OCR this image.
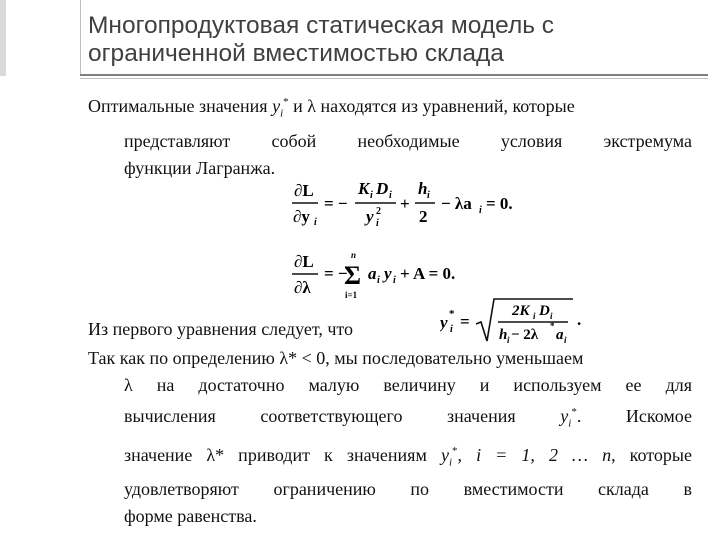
Многопродуктовая статическая модель с
ограниченной вместимостью склада
Оптимальные значения $y_i^*$ и λ находятся из уравнений, которые
представляют собой необходимые условия экстремума
функции Лагранжа.
∂L
∂y i
= −
K i D i
y i
2 +
h i
2
− λa i = 0.
∂L
∂λ
= −
n
Σ
i=1
a i y i + A = 0.
Из первого уравнения следует, что	y *
i =
2K i D i
h i − 2λ
*
a i
.
Так как по определению λ* < 0, мы последовательно уменьшаем
λ на достаточно малую величину и используем ее для
вычисления соответствующего значения $y_i^*$. Искомое
значение λ* приводит к значениям $y_i^*$, i = 1, 2 … n, которые
удовлетворяют ограничению по вместимости склада в
форме равенства.
